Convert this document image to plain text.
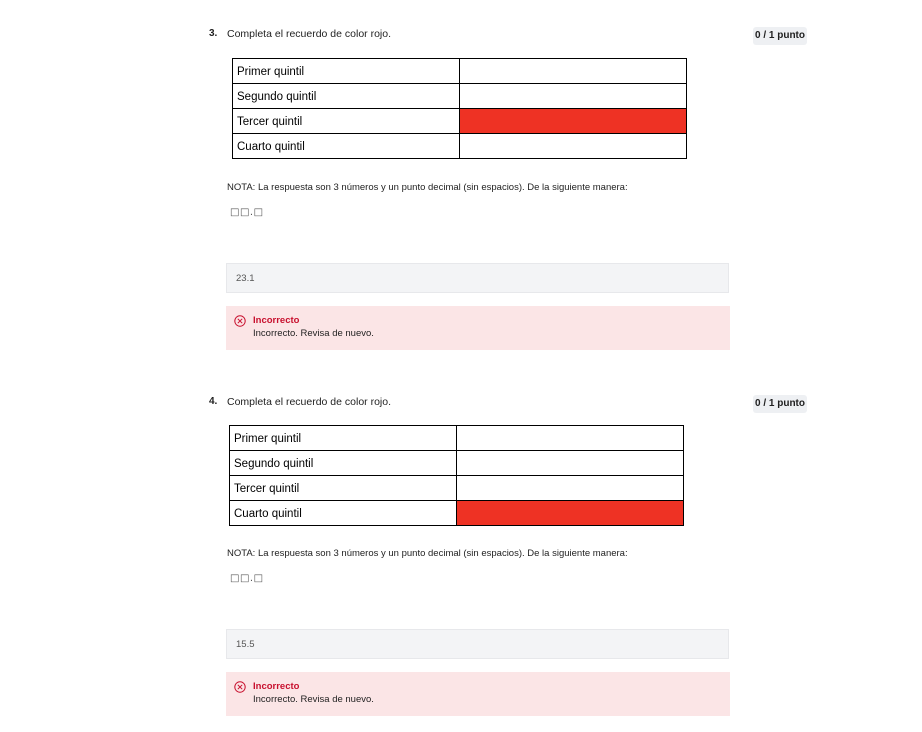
3. Completa el recuerdo de color rojo.	0 / 1 punto
Primer quintil	
Segundo quintil	
Tercer quintil	
Cuarto quintil	
NOTA: La respuesta son 3 números y un punto decimal (sin espacios). De la siguiente manera:
□□.□
23.1
Incorrecto
Incorrecto. Revisa de nuevo.
4. Completa el recuerdo de color rojo.	0 / 1 punto
Primer quintil	
Segundo quintil	
Tercer quintil	
Cuarto quintil	
NOTA: La respuesta son 3 números y un punto decimal (sin espacios). De la siguiente manera:
□□.□
15.5
Incorrecto
Incorrecto. Revisa de nuevo.
